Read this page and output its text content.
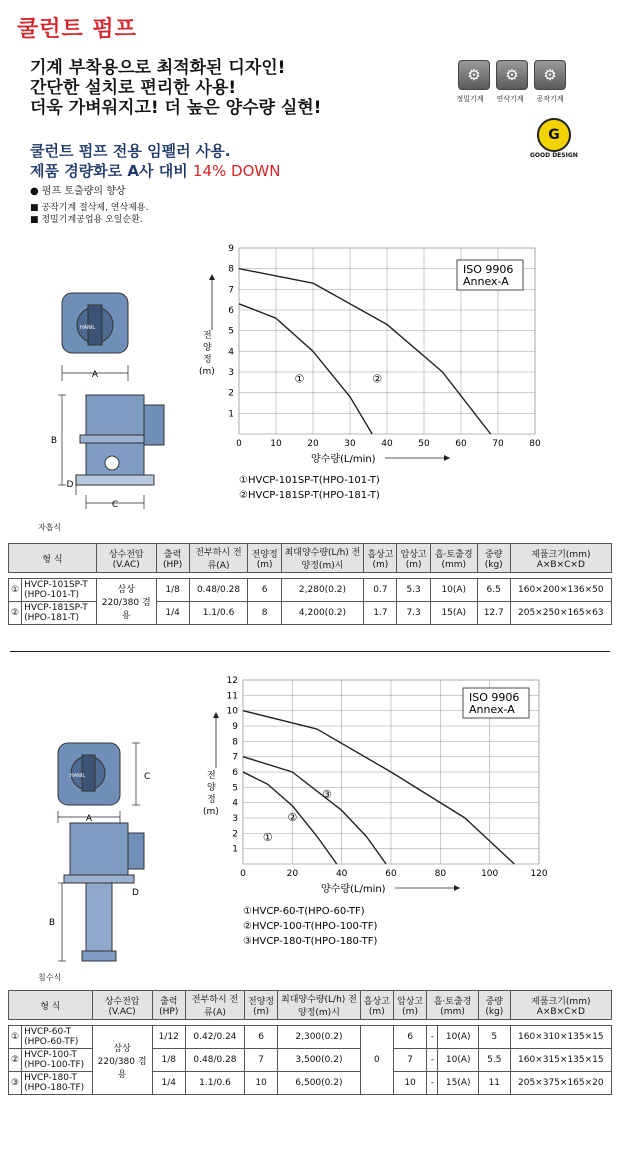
쿨런트 펌프
기계 부착용으로 최적화된 디자인!
간단한 설치로 편리한 사용!
더욱 가벼워지고! 더 높은 양수량 실현!
쿨런트 펌프 전용 임펠러 사용.
제품 경량화로 A사 대비 14% DOWN
● 펌프 토출량의 향상
■ 공작기계 절삭제, 연삭제용.
■ 정밀기계공업용 오일순환.
⚙	⚙	⚙
정밀기계	연삭기계	공작기계
G
GOOD DESIGN
A
B
C
D
HANIL
자흡식
0	10	20	30	40	50	60	70	80
1
2
3
4
5
6
7
8
9
①	②
ISO 9906
Annex-A
전
양
정
(m)
양수량(L/min)
①HVCP-101SP-T(HPO-101-T)
②HVCP-181SP-T(HPO-181-T)
형 식		상수전압 (V.AC)	출력 (HP)	전부하시 전류(A)	전양정 (m)	최대양수량(L/h) 전양정(m)시	흡상고 (m)	압상고 (m)	흡·토출경 (mm)	중량 (kg)	제품크기(mm) A×B×C×D

①	HVCP-101SP-T (HPO-101-T)	삼상 220/380 겸용	1/8	0.48/0.28	6	2,280(0.2)	0.7	5.3	10(A)	6.5	160×200×136×50
②	HVCP-181SP-T (HPO-181-T)		1/4	1.1/0.6	8	4,200(0.2)	1.7	7.3	15(A)	12.7	205×250×165×63
A
C
B
D
HANIL
침수식
0	20	40	60	80	100	120
1
2
3
4
5
6
7
8
9
10
11
12
①
②
③
ISO 9906
Annex-A
전
양
정
(m)
양수량(L/min)
①HVCP-60-T(HPO-60-TF)
②HVCP-100-T(HPO-100-TF)
③HVCP-180-T(HPO-180-TF)
형 식		상수전압 (V.AC)	출력 (HP)	전부하시 전류(A)	전양정 (m)	최대양수량(L/h) 전양정(m)시	흡상고 (m)	압상고 (m)	흡·토출경 (mm)		중량 (kg)	제품크기(mm) A×B×C×D

①	HVCP-60-T (HPO-60-TF)	삼상 220/380 겸용	1/12	0.42/0.24	6	2,300(0.2)	0	6	-	10(A)	5	160×310×135×15
②	HVCP-100-T (HPO-100-TF)		1/8	0.48/0.28	7	3,500(0.2)		7	-	10(A)	5.5	160×315×135×15
③	HVCP-180-T (HPO-180-TF)		1/4	1.1/0.6	10	6,500(0.2)		10	-	15(A)	11	205×375×165×20
